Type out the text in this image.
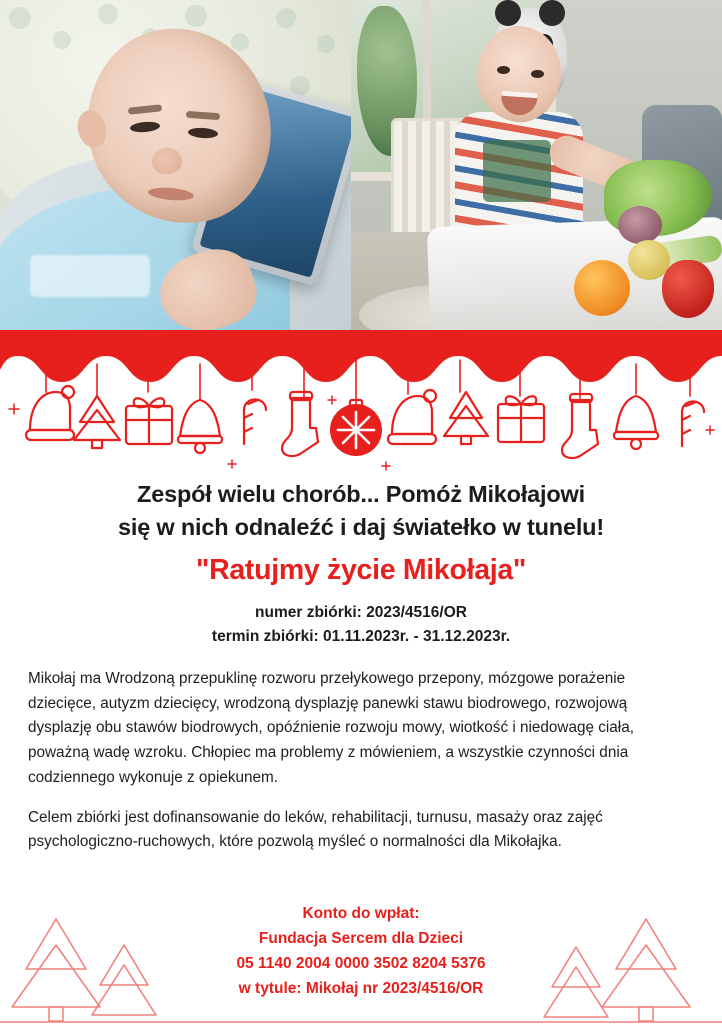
Zespół wielu chorób... Pomóż Mikołajowi
się w nich odnaleźć i daj światełko w tunelu!
"Ratujmy życie Mikołaja"
numer zbiórki: 2023/4516/OR
termin zbiórki: 01.11.2023r. - 31.12.2023r.

Mikołaj ma Wrodzoną przepuklinę rozworu przełykowego przepony, mózgowe porażenie dziecięce, autyzm dziecięcy, wrodzoną dysplazję panewki stawu biodrowego, rozwojową dysplazję obu stawów biodrowych, opóźnienie rozwoju mowy, wiotkość i niedowagę ciała, poważną wadę wzroku. Chłopiec ma problemy z mówieniem, a wszystkie czynności dnia codziennego wykonuje z opiekunem.

Celem zbiórki jest dofinansowanie do leków, rehabilitacji, turnusu, masaży oraz zajęć psychologiczno-ruchowych, które pozwolą myśleć o normalności dla Mikołajka.

Konto do wpłat:
Fundacja Sercem dla Dzieci
05 1140 2004 0000 3502 8204 5376
w tytule: Mikołaj nr 2023/4516/OR
